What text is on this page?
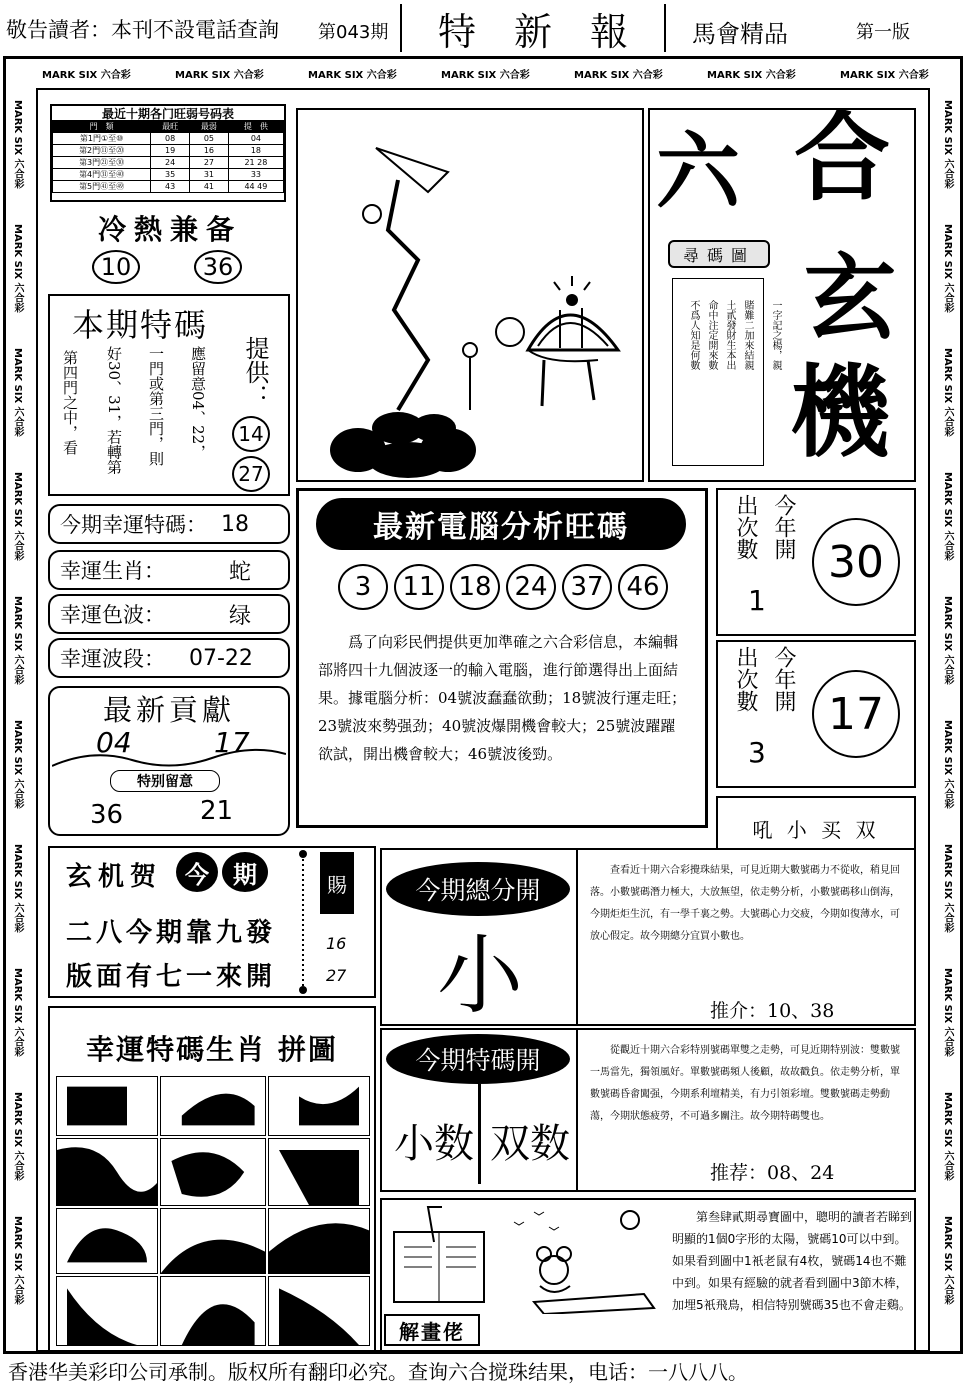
敬告讀者：本刊不設電話查詢	第043期	特　新　報	馬會精品	第一版
MARK SIX 六合彩	MARK SIX 六合彩	MARK SIX 六合彩	MARK SIX 六合彩	MARK SIX 六合彩	MARK SIX 六合彩	MARK SIX 六合彩
MARK SIX 六合彩
MARK SIX 六合彩
MARK SIX 六合彩
MARK SIX 六合彩
MARK SIX 六合彩
MARK SIX 六合彩
MARK SIX 六合彩
MARK SIX 六合彩
MARK SIX 六合彩
MARK SIX 六合彩
MARK SIX 六合彩
MARK SIX 六合彩
MARK SIX 六合彩
MARK SIX 六合彩
MARK SIX 六合彩
MARK SIX 六合彩
MARK SIX 六合彩
MARK SIX 六合彩
MARK SIX 六合彩
MARK SIX 六合彩
最近十期各门旺弱号码表
門　類	最旺	最弱	提　供
第1門①至⑩	08	05	04
第2門⑪至⑳	19	16	18
第3門㉑至㉚	24	27	21 28
第4門㉛至㊵	35	31	33
第5門㊶至㊾	43	41	44 49
冷熱兼备
10	36
本期特碼
第四門之中，看 好30、31，若轉第 一門或第三門，則 應留意04、22， 提供：
14
27
今期幸運特碼： 18
幸運生肖：	蛇
幸運色波：	绿
幸運波段： 07-22
最新貢獻
04	17
特别留意
36	21
玄机贺 今	期
二八今期靠九發
版面有七一來開
賜
16
27
幸運特碼生肖 拼圖
六 合
玄
機
尋碼圖
一字記之楊，親
賭難二加來結親
土貳發財生本出
命中注定開來數
不爲人知是何數
最新電腦分析旺碼
3	11 18 24 37 46
爲了向彩民們提供更加準確之六合彩信息，本編輯部將四十九個波逐一的輸入電腦，進行節選得出上面結果。據電腦分析：04號波蠢蠢欲動；18號波行運走旺；23號波來勢强劲；40號波爆開機會較大；25號波躍躍欲試，開出機會較大；46號波後勁。
今年開
出次數
1
30
今年開
出次數
3
17
吼 小 买 双
今期總分開
小
查看近十期六合彩攪珠結果，可見近期大數號碼力不從收，稍見回落。小數號碼潛力極大，大放無望，依走勢分析，小數號碼移山倒海，今期炬炬生沉，有一學千裏之勢。大號碼心力交疲，今期如復薄水，可放心假定。故今期總分宜買小數也。
推介：10、38
今期特碼開
小数 双数
從觀近十期六合彩特別號碼單雙之走勢，可見近期特别波：雙數號一馬當先，獨領風好。單數號碼頻人後顧，故故戳負。依走勢分析，單數號碼昏畬闖强，今期系利壇精美，有力引領彩壇。雙數號碼走勢動蕩，今期狀態疲勞，不可過多關注。故今期特碼雙也。
推荐：08、24
解畫佬
第叁肆貳期尋寶圖中，聰明的讀者若睇到明顯的1個0字形的太陽，號碼10可以中到。如果看到圖中1衹老鼠有4枚，號碼14也不難中到。如果有經驗的就者看到圖中3節木棒，加埋5衹飛鳥，相信特别號碼35也不會走鷄。
香港华美彩印公司承制。版权所有翻印必究。查询六合搅珠结果，电话：一八八八。
